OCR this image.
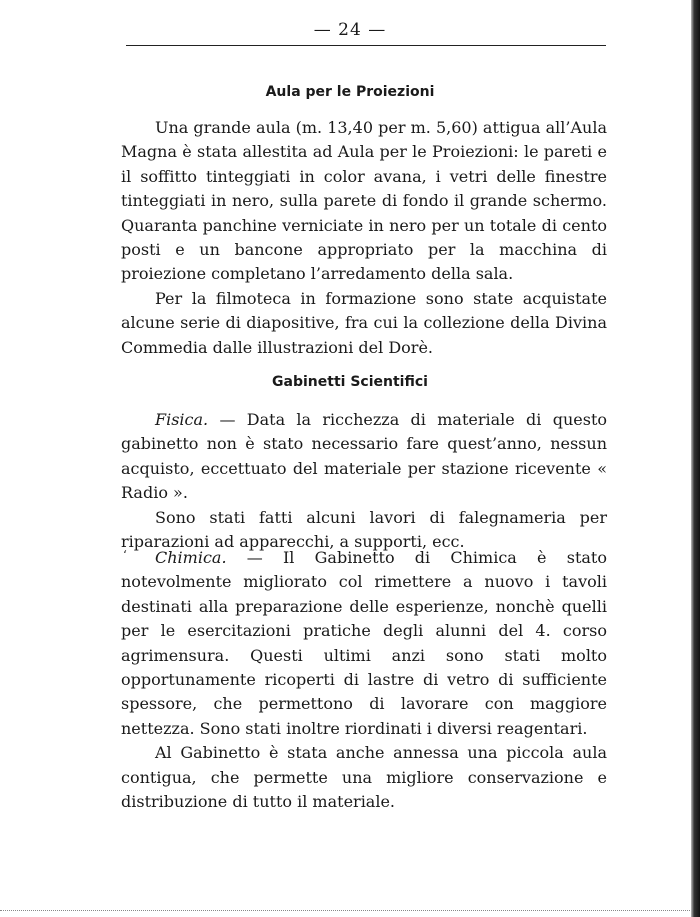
— 24 —
Aula per le Proiezioni

Una grande aula (m. 13,40 per m. 5,60) attigua all’Aula Magna è stata allestita ad Aula per le Proiezioni: le pareti e il soffitto tinteggiati in color avana, i vetri delle finestre tinteggiati in nero, sulla parete di fondo il grande schermo. Quaranta panchine verniciate in nero per un totale di cento posti e un bancone appropriato per la macchina di proiezione completano l’arredamento della sala.

Per la filmoteca in formazione sono state acquistate alcune serie di diapositive, fra cui la collezione della Divina Commedia dalle illustrazioni del Dorè.

Gabinetti Scientifici

Fisica. — Data la ricchezza di materiale di questo gabinetto non è stato necessario fare quest’anno, nessun acquisto, eccettuato del materiale per stazione ricevente « Radio ».

Sono stati fatti alcuni lavori di falegnameria per riparazioni ad apparecchi, a supporti, ecc.

‘	Chimica. — Il Gabinetto di Chimica è stato notevolmente migliorato col rimettere a nuovo i tavoli destinati alla preparazione delle esperienze, nonchè quelli per le esercitazioni pratiche degli alunni del 4. corso agrimensura. Questi ultimi anzi sono stati molto opportunamente ricoperti di lastre di vetro di sufficiente spessore, che permettono di lavorare con maggiore nettezza. Sono stati inoltre riordinati i diversi reagentari.

Al Gabinetto è stata anche annessa una piccola aula contigua, che permette una migliore conservazione e distribuzione di tutto il materiale.
